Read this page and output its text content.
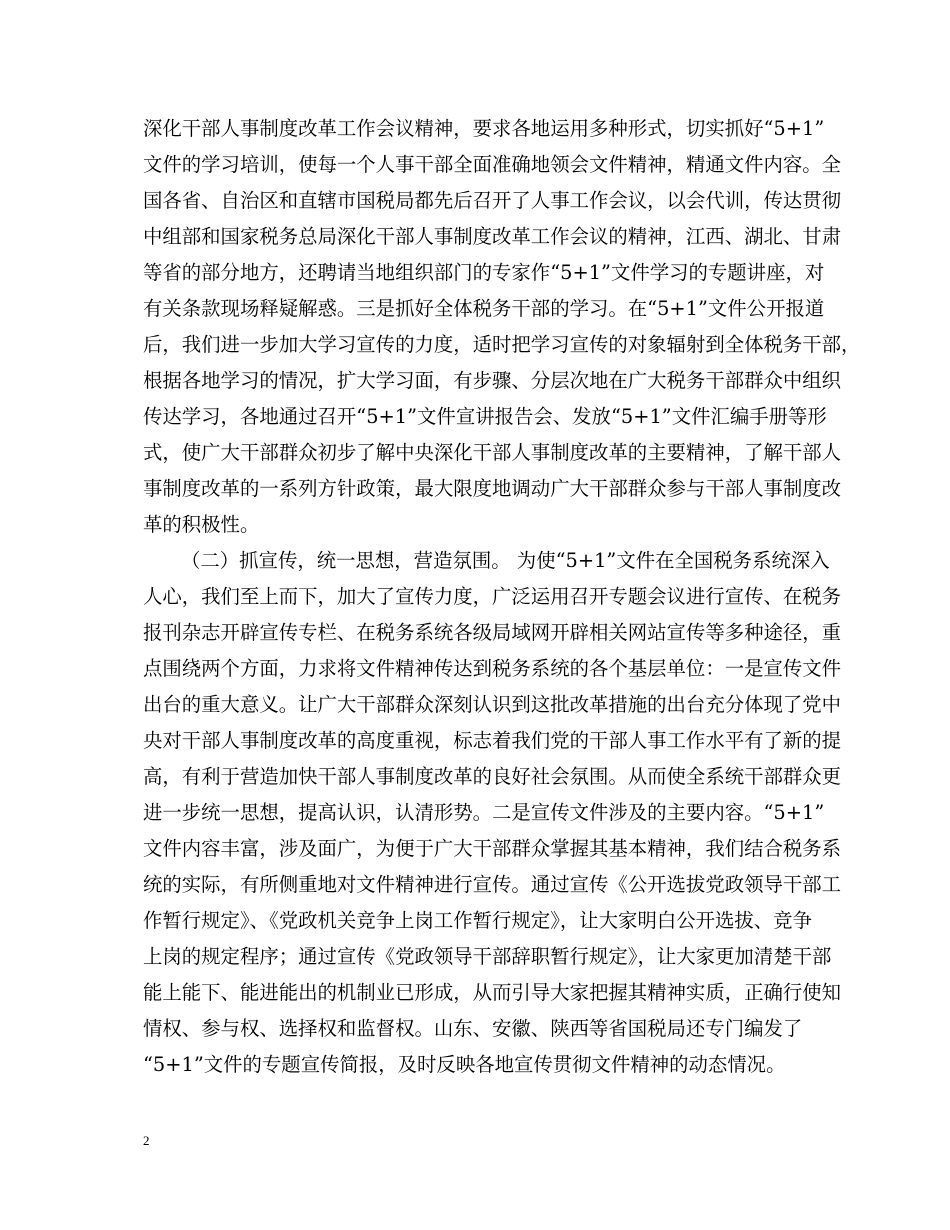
深化干部人事制度改革工作会议精神，要求各地运用多种形式，切实抓好“5+1”
文件的学习培训，使每一个人事干部全面准确地领会文件精神，精通文件内容。全
国各省、自治区和直辖市国税局都先后召开了人事工作会议，以会代训，传达贯彻
中组部和国家税务总局深化干部人事制度改革工作会议的精神，江西、湖北、甘肃
等省的部分地方，还聘请当地组织部门的专家作“5+1”文件学习的专题讲座，对
有关条款现场释疑解惑。三是抓好全体税务干部的学习。在“5+1”文件公开报道
后，我们进一步加大学习宣传的力度，适时把学习宣传的对象辐射到全体税务干部，
根据各地学习的情况，扩大学习面，有步骤、分层次地在广大税务干部群众中组织
传达学习，各地通过召开“5+1”文件宣讲报告会、发放“5+1”文件汇编手册等形
式，使广大干部群众初步了解中央深化干部人事制度改革的主要精神，了解干部人
事制度改革的一系列方针政策，最大限度地调动广大干部群众参与干部人事制度改
革的积极性。
（二）抓宣传，统一思想，营造氛围。 为使“5+1”文件在全国税务系统深入
人心，我们至上而下，加大了宣传力度，广泛运用召开专题会议进行宣传、在税务
报刊杂志开辟宣传专栏、在税务系统各级局域网开辟相关网站宣传等多种途径，重
点围绕两个方面，力求将文件精神传达到税务系统的各个基层单位：一是宣传文件
出台的重大意义。让广大干部群众深刻认识到这批改革措施的出台充分体现了党中
央对干部人事制度改革的高度重视，标志着我们党的干部人事工作水平有了新的提
高，有利于营造加快干部人事制度改革的良好社会氛围。从而使全系统干部群众更
进一步统一思想，提高认识，认清形势。二是宣传文件涉及的主要内容。“5+1”
文件内容丰富，涉及面广，为便于广大干部群众掌握其基本精神，我们结合税务系
统的实际，有所侧重地对文件精神进行宣传。通过宣传《公开选拔党政领导干部工
作暂行规定》、《党政机关竞争上岗工作暂行规定》，让大家明白公开选拔、竞争
上岗的规定程序；通过宣传《党政领导干部辞职暂行规定》，让大家更加清楚干部
能上能下、能进能出的机制业已形成，从而引导大家把握其精神实质，正确行使知
情权、参与权、选择权和监督权。山东、安徽、陕西等省国税局还专门编发了
“5+1”文件的专题宣传简报，及时反映各地宣传贯彻文件精神的动态情况。
2
